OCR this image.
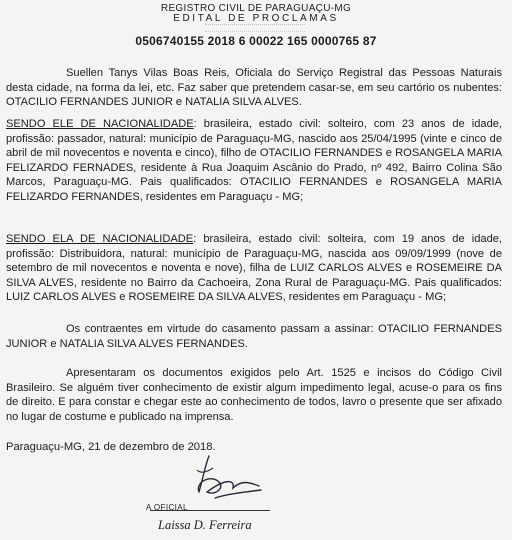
REGISTRO CIVIL DE PARAGUAÇU-MG
EDITAL DE PROCLAMAS
0506740155 2018 6 00022 165 0000765 87

Suellen Tanys Vilas Boas Reis, Oficiala do Serviço Registral das Pessoas Naturais desta cidade, na forma da lei, etc. Faz saber que pretendem casar-se, em seu cartório os nubentes: OTACILIO FERNANDES JUNIOR e NATALIA SILVA ALVES.

SENDO ELE DE NACIONALIDADE: brasileira, estado civil: solteiro, com 23 anos de idade, profissão: passador, natural: município de Paraguaçu-MG, nascido aos 25/04/1995 (vinte e cinco de abril de mil novecentos e noventa e cinco), filho de OTACILIO FERNANDES e ROSANGELA MARIA FELIZARDO FERNADES, residente à Rua Joaquim Ascânio do Prado, nº 492, Bairro Colina São Marcos, Paraguaçu-MG. Pais qualificados: OTACILIO FERNANDES e ROSANGELA MARIA FELIZARDO FERNANDES, residentes em Paraguaçu - MG;

SENDO ELA DE NACIONALIDADE: brasileira, estado civil: solteira, com 19 anos de idade, profissão: Distribuidora, natural: município de Paraguaçu-MG, nascida aos 09/09/1999 (nove de setembro de mil novecentos e noventa e nove), filha de LUIZ CARLOS ALVES e ROSEMEIRE DA SILVA ALVES, residente no Bairro da Cachoeira, Zona Rural de Paraguaçu-MG. Pais qualificados: LUIZ CARLOS ALVES e ROSEMEIRE DA SILVA ALVES, residentes em Paraguaçu - MG;

Os contraentes em virtude do casamento passam a assinar: OTACILIO FERNANDES JUNIOR e NATALIA SILVA ALVES FERNANDES.

Apresentaram os documentos exigidos pelo Art. 1525 e incisos do Código Civil Brasileiro. Se alguém tiver conhecimento de existir algum impedimento legal, acuse-o para os fins de direito. E para constar e chegar este ao conhecimento de todos, lavro o presente que ser afixado no lugar de costume e publicado na imprensa.

Paraguaçu-MG, 21 de dezembro de 2018.
A OFICIAL
Laissa D. Ferreira
